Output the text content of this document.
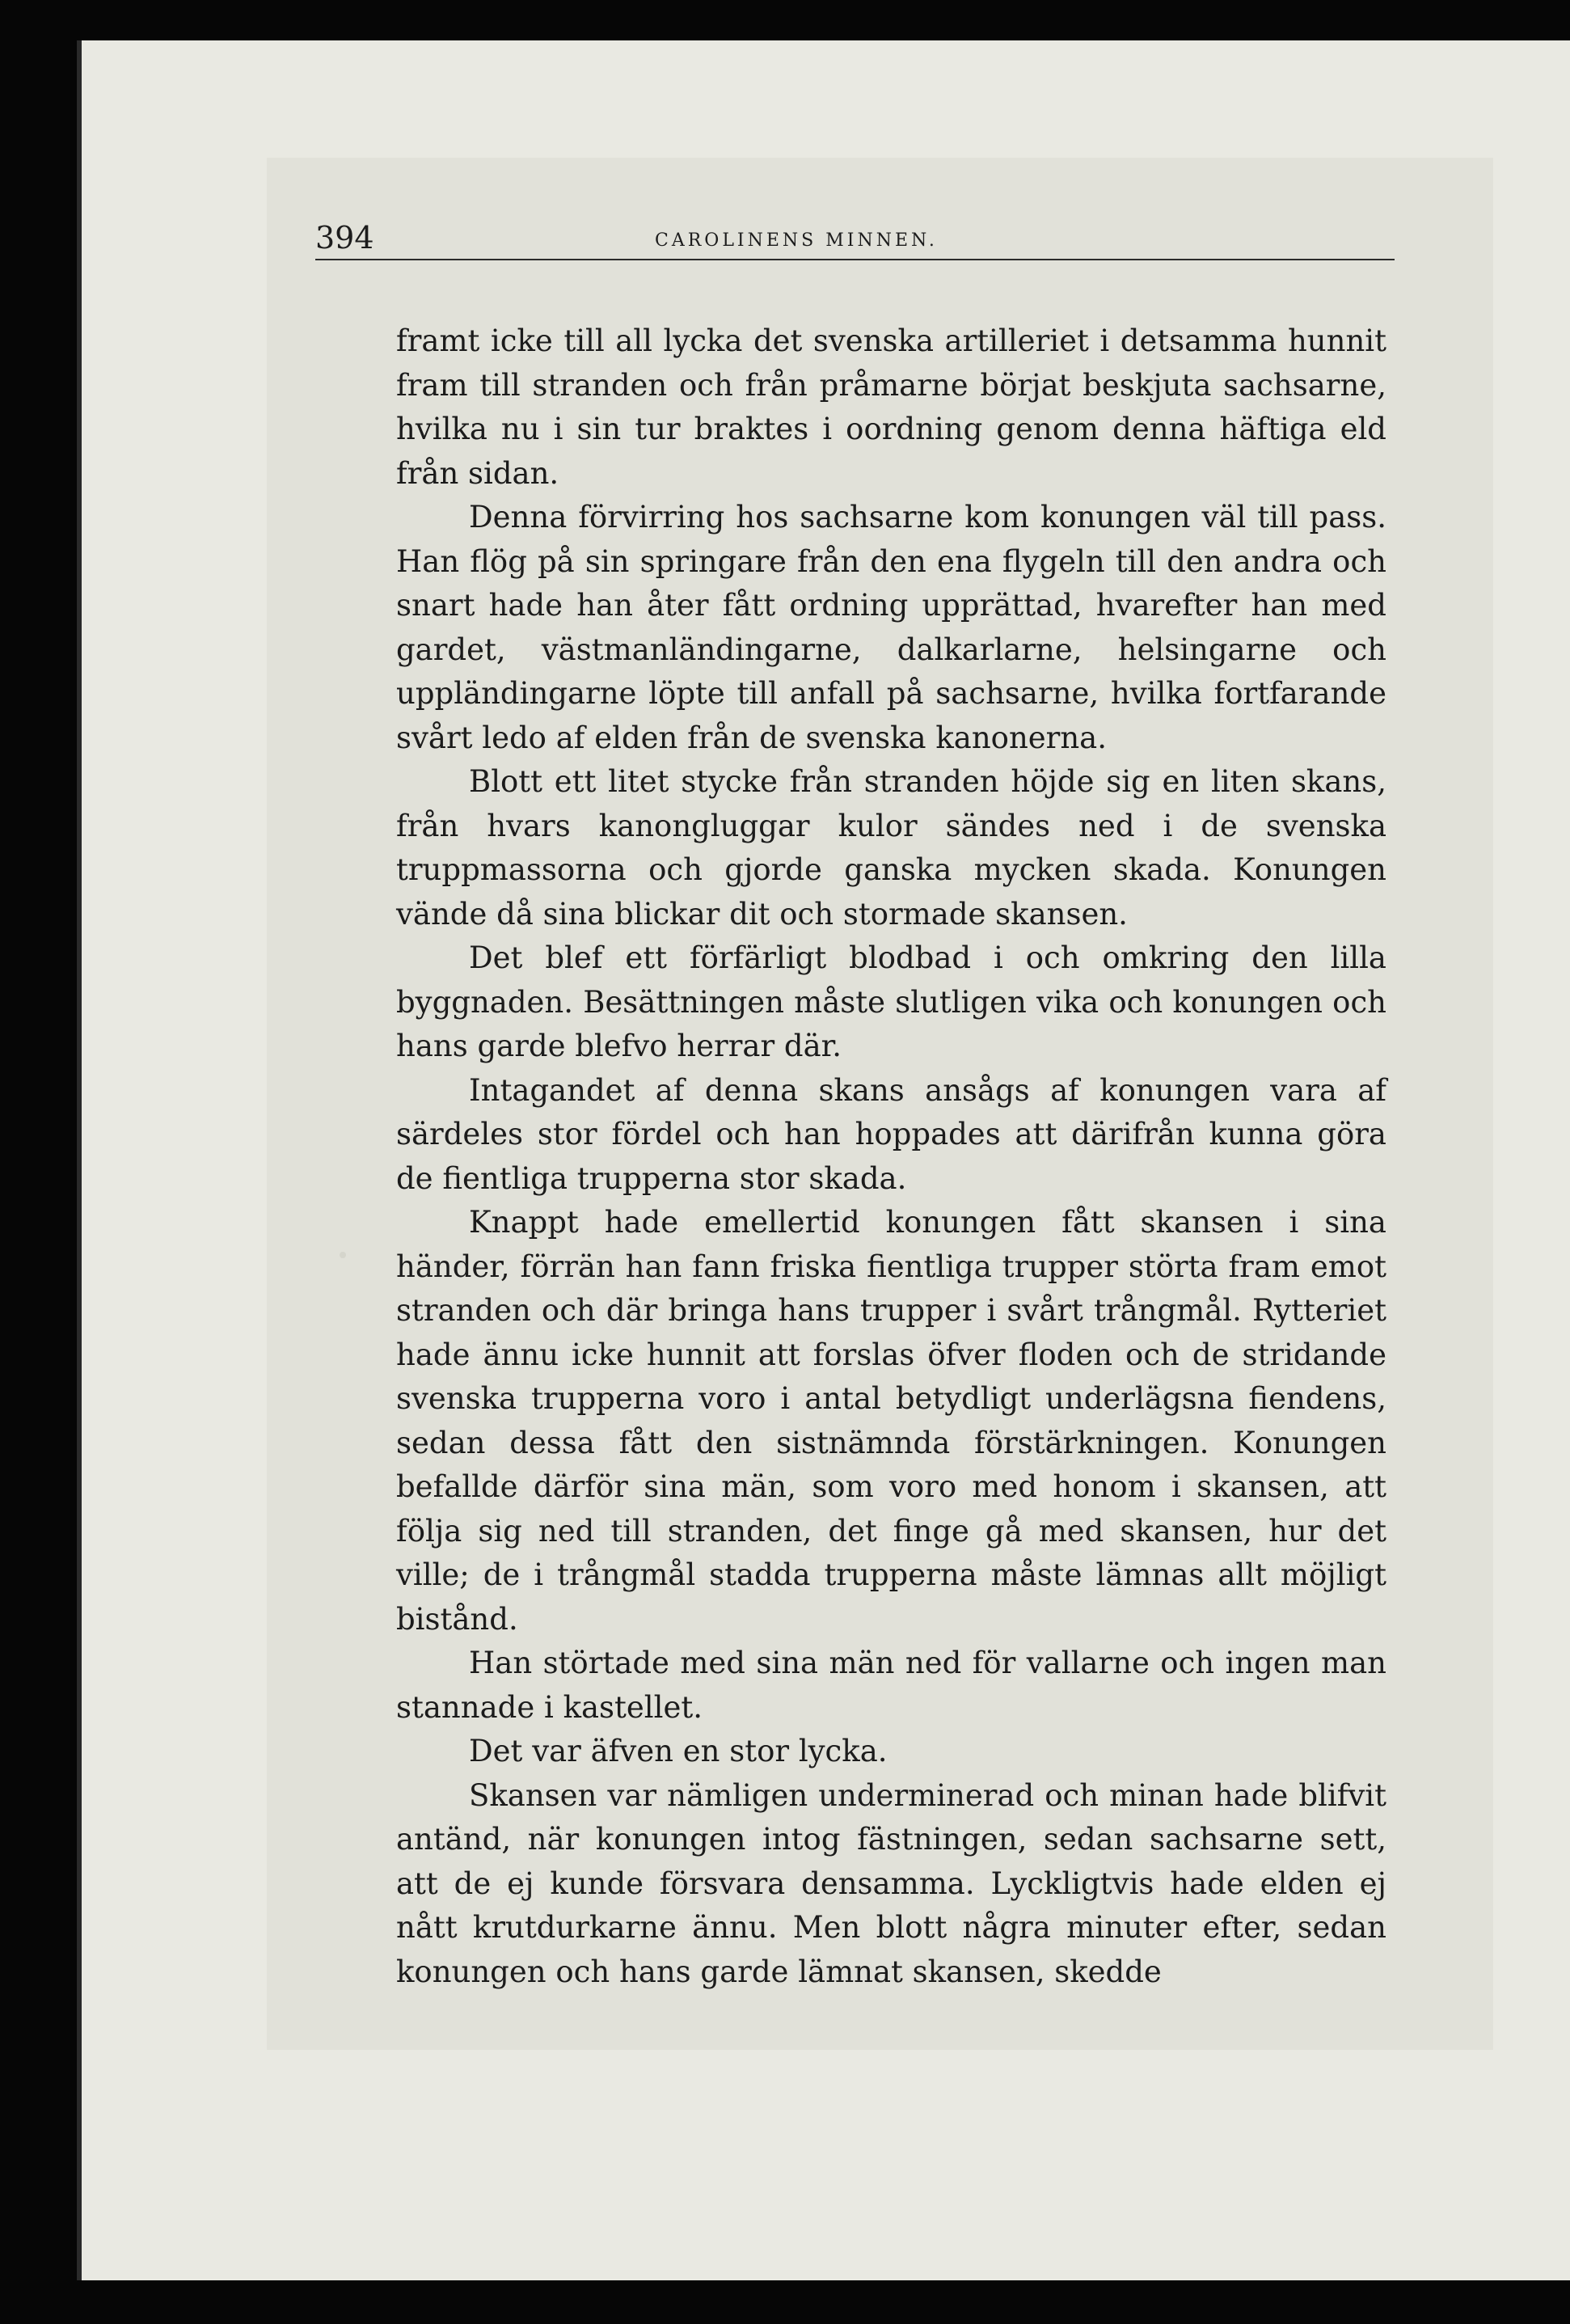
394	CAROLINENS MINNEN.

framt icke till all lycka det svenska artilleriet i detsamma hunnit fram till stranden och från pråmarne börjat beskjuta sachsarne, hvilka nu i sin tur braktes i oordning genom denna häftiga eld från sidan.

Denna förvirring hos sachsarne kom konungen väl till pass. Han flög på sin springare från den ena flygeln till den andra och snart hade han åter fått ordning upprättad, hvarefter han med gardet, västmanländingarne, dalkarlarne, helsingarne och uppländingarne löpte till anfall på sachsarne, hvilka fortfarande svårt ledo af elden från de svenska kanonerna.

Blott ett litet stycke från stranden höjde sig en liten skans, från hvars kanongluggar kulor sändes ned i de svenska truppmassorna och gjorde ganska mycken skada. Konungen vände då sina blickar dit och stormade skansen.

Det blef ett förfärligt blodbad i och omkring den lilla byggnaden. Besättningen måste slutligen vika och konungen och hans garde blefvo herrar där.

Intagandet af denna skans ansågs af konungen vara af särdeles stor fördel och han hoppades att därifrån kunna göra de fientliga trupperna stor skada.

Knappt hade emellertid konungen fått skansen i sina händer, förrän han fann friska fientliga trupper störta fram emot stranden och där bringa hans trupper i svårt trångmål. Rytteriet hade ännu icke hunnit att forslas öfver floden och de stridande svenska trupperna voro i antal betydligt underlägsna fiendens, sedan dessa fått den sistnämnda förstärkningen. Konungen befallde därför sina män, som voro med honom i skansen, att följa sig ned till stranden, det finge gå med skansen, hur det ville; de i trångmål stadda trupperna måste lämnas allt möjligt bistånd.

Han störtade med sina män ned för vallarne och ingen man stannade i kastellet.

Det var äfven en stor lycka.

Skansen var nämligen underminerad och minan hade blifvit antänd, när konungen intog fästningen, sedan sachsarne sett, att de ej kunde försvara densamma. Lyckligtvis hade elden ej nått krutdurkarne ännu. Men blott några minuter efter, sedan konungen och hans garde lämnat skansen, skedde
